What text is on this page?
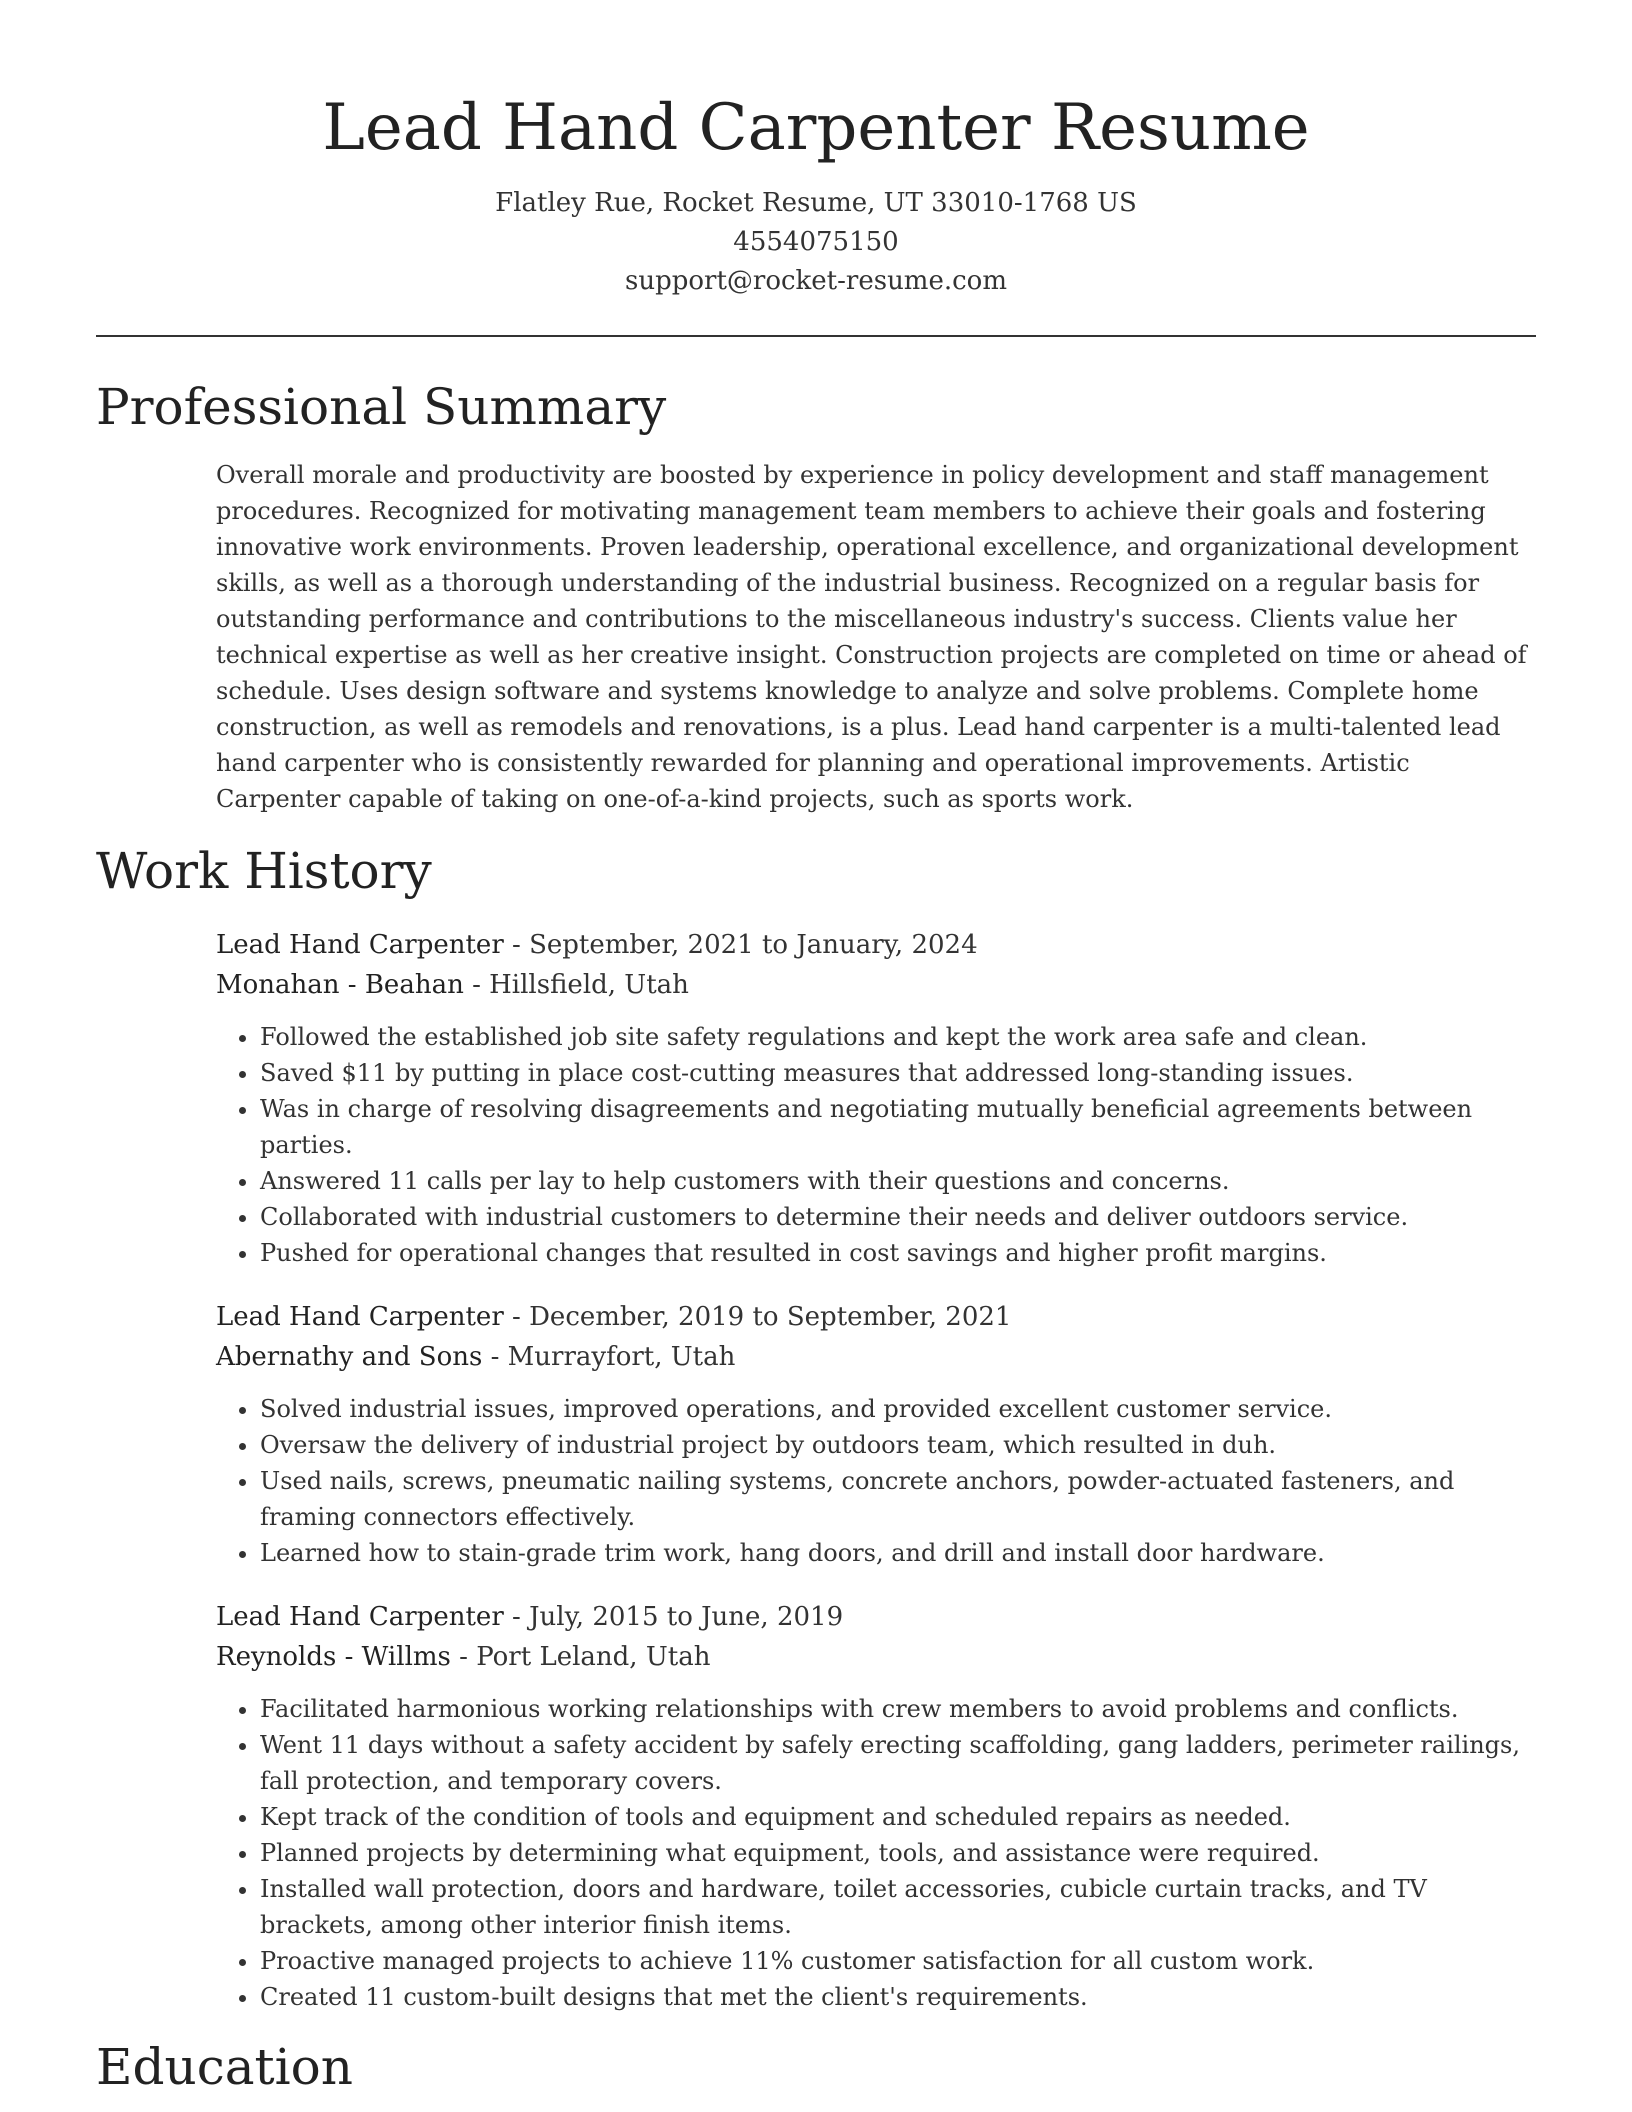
Lead Hand Carpenter Resume
Flatley Rue, Rocket Resume, UT 33010-1768 US
4554075150
support@rocket-resume.com
Professional Summary

Overall morale and productivity are boosted by experience in policy development and staff management procedures. Recognized for motivating management team members to achieve their goals and fostering innovative work environments. Proven leadership, operational excellence, and organizational development skills, as well as a thorough understanding of the industrial business. Recognized on a regular basis for outstanding performance and contributions to the miscellaneous industry's success. Clients value her technical expertise as well as her creative insight. Construction projects are completed on time or ahead of schedule. Uses design software and systems knowledge to analyze and solve problems. Complete home construction, as well as remodels and renovations, is a plus. Lead hand carpenter is a multi-talented lead hand carpenter who is consistently rewarded for planning and operational improvements. Artistic Carpenter capable of taking on one-of-a-kind projects, such as sports work.

Work History
Lead Hand Carpenter - September, 2021 to January, 2024
Monahan - Beahan - Hillsfield, Utah
• Followed the established job site safety regulations and kept the work area safe and clean.
• Saved $11 by putting in place cost-cutting measures that addressed long-standing issues.
• Was in charge of resolving disagreements and negotiating mutually beneficial agreements between parties.
• Answered 11 calls per lay to help customers with their questions and concerns.
• Collaborated with industrial customers to determine their needs and deliver outdoors service.
• Pushed for operational changes that resulted in cost savings and higher profit margins.
Lead Hand Carpenter - December, 2019 to September, 2021
Abernathy and Sons - Murrayfort, Utah
• Solved industrial issues, improved operations, and provided excellent customer service.
• Oversaw the delivery of industrial project by outdoors team, which resulted in duh.
• Used nails, screws, pneumatic nailing systems, concrete anchors, powder-actuated fasteners, and framing connectors effectively.
• Learned how to stain-grade trim work, hang doors, and drill and install door hardware.
Lead Hand Carpenter - July, 2015 to June, 2019
Reynolds - Willms - Port Leland, Utah
• Facilitated harmonious working relationships with crew members to avoid problems and conflicts.
• Went 11 days without a safety accident by safely erecting scaffolding, gang ladders, perimeter railings, fall protection, and temporary covers.
• Kept track of the condition of tools and equipment and scheduled repairs as needed.
• Planned projects by determining what equipment, tools, and assistance were required.
• Installed wall protection, doors and hardware, toilet accessories, cubicle curtain tracks, and TV brackets, among other interior finish items.
• Proactive managed projects to achieve 11% customer satisfaction for all custom work.
• Created 11 custom-built designs that met the client's requirements.
Education
